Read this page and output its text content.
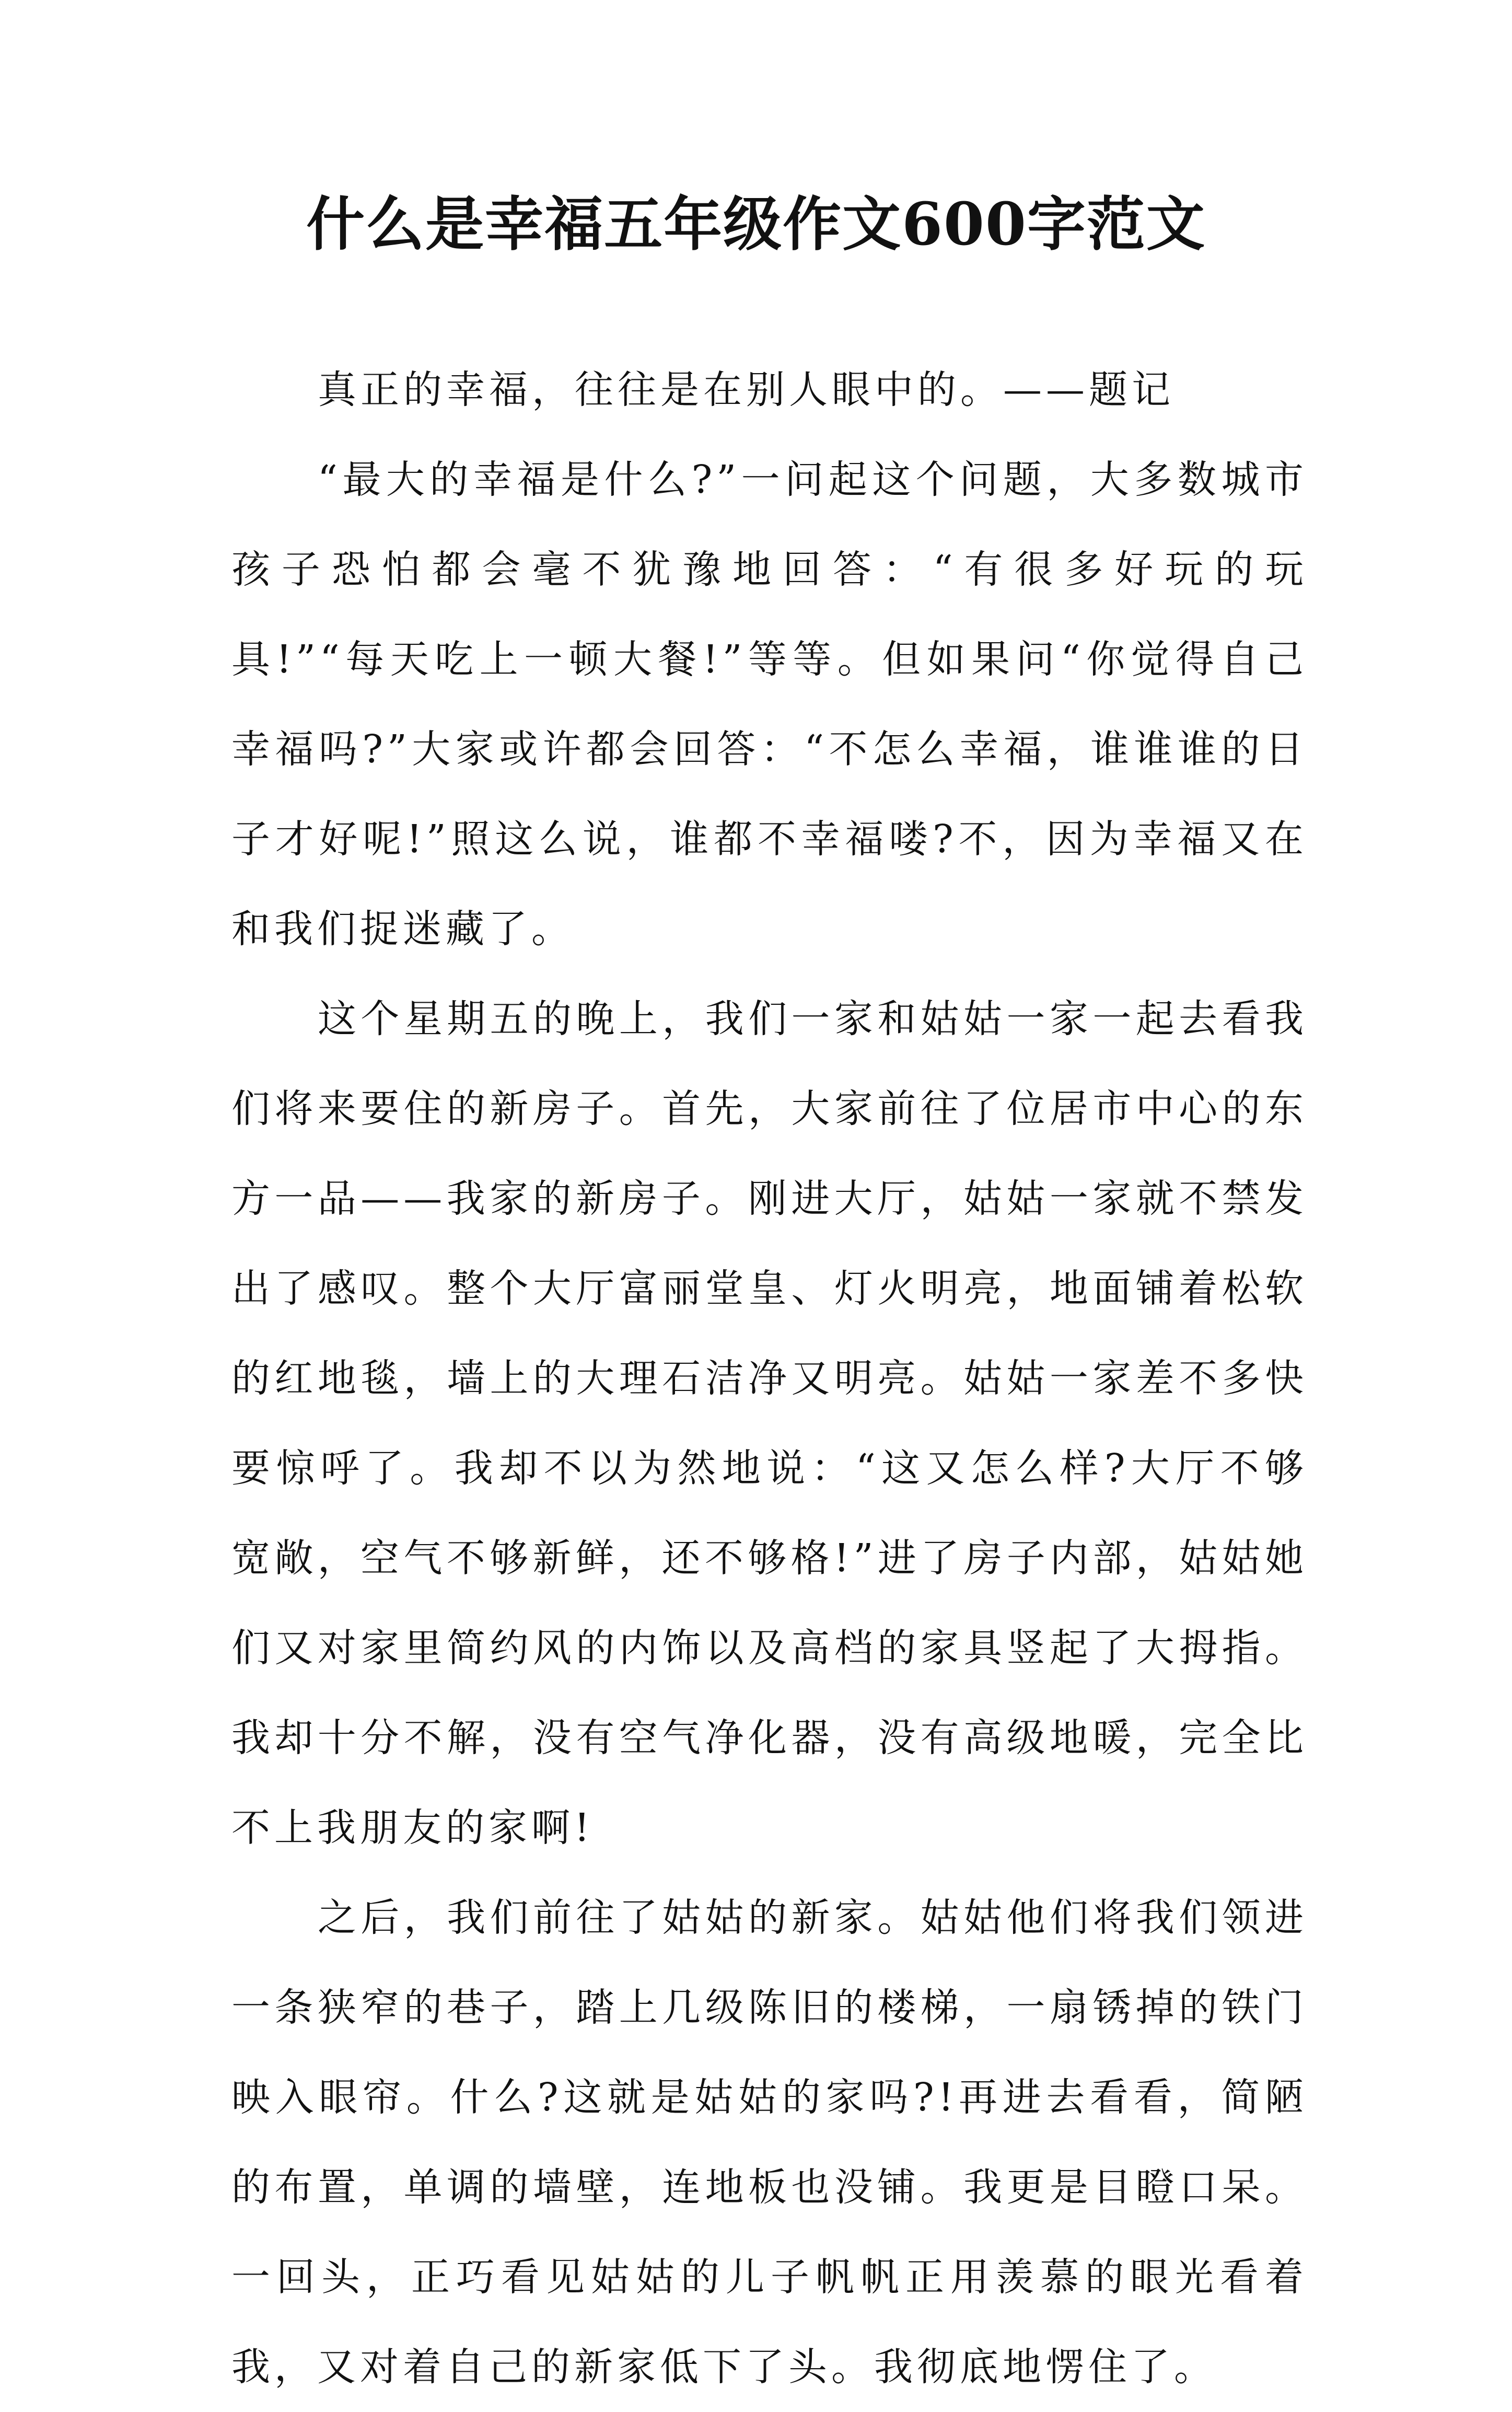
什么是幸福五年级作文600字范文

真正的幸福，往往是在别人眼中的。——题记

“最大的幸福是什么?”一问起这个问题，大多数城市孩子恐怕都会毫不犹豫地回答：“有很多好玩的玩具!”“每天吃上一顿大餐!”等等。但如果问“你觉得自己幸福吗?”大家或许都会回答：“不怎么幸福，谁谁谁的日子才好呢!”照这么说，谁都不幸福喽?不，因为幸福又在和我们捉迷藏了。

这个星期五的晚上，我们一家和姑姑一家一起去看我们将来要住的新房子。首先，大家前往了位居市中心的东方一品——我家的新房子。刚进大厅，姑姑一家就不禁发出了感叹。整个大厅富丽堂皇、灯火明亮，地面铺着松软的红地毯，墙上的大理石洁净又明亮。姑姑一家差不多快要惊呼了。我却不以为然地说：“这又怎么样?大厅不够宽敞，空气不够新鲜，还不够格!”进了房子内部，姑姑她们又对家里简约风的内饰以及高档的家具竖起了大拇指。我却十分不解，没有空气净化器，没有高级地暖，完全比不上我朋友的家啊!

之后，我们前往了姑姑的新家。姑姑他们将我们领进一条狭窄的巷子，踏上几级陈旧的楼梯，一扇锈掉的铁门映入眼帘。什么?这就是姑姑的家吗?!再进去看看，简陋的布置，单调的墙壁，连地板也没铺。我更是目瞪口呆。一回头，正巧看见姑姑的儿子帆帆正用羡慕的眼光看着我，又对着自己的新家低下了头。我彻底地愣住了。
